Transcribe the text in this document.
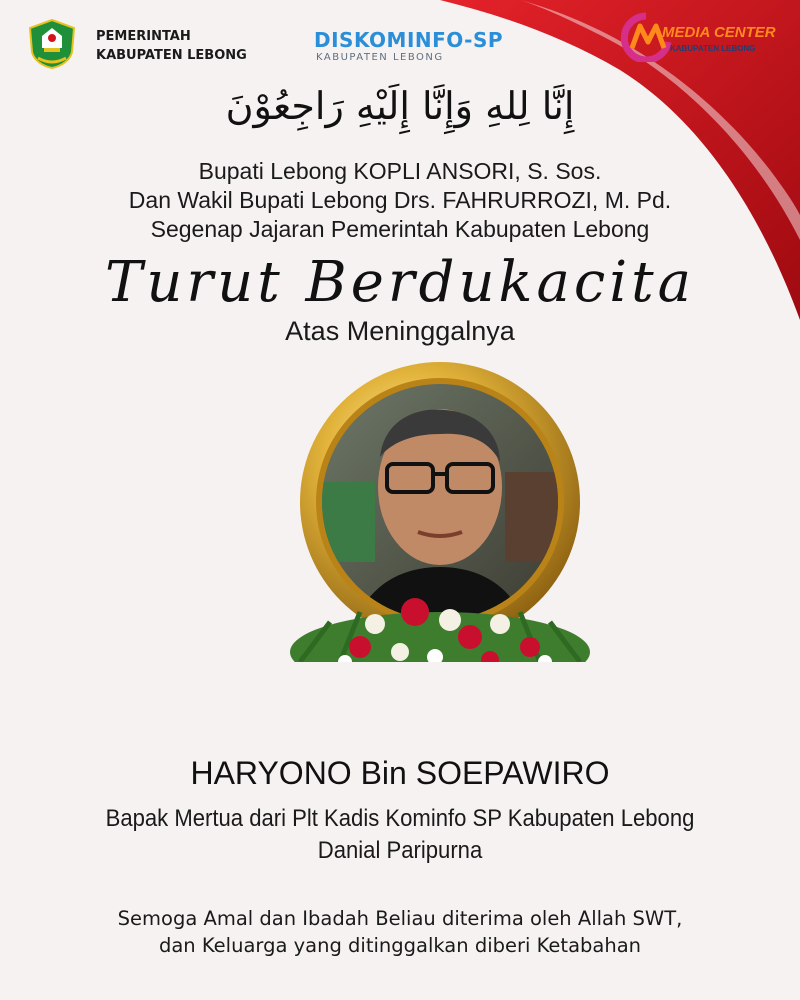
PEMERINTAH
KABUPATEN LEBONG
DISKOMINFO-SP
KABUPATEN LEBONG
MEDIA CENTER
KABUPATEN LEBONG
إِنَّا لِلهِ وَإِنَّا إِلَيْهِ رَاجِعُوْنَ
Bupati Lebong KOPLI ANSORI, S. Sos.
Dan Wakil Bupati Lebong Drs. FAHRURROZI, M. Pd.
Segenap Jajaran Pemerintah Kabupaten Lebong
Turut Berdukacita
Atas Meninggalnya
HARYONO Bin SOEPAWIRO
Bapak Mertua dari Plt Kadis Kominfo SP Kabupaten Lebong
Danial Paripurna
Semoga Amal dan Ibadah Beliau diterima oleh Allah SWT,
dan Keluarga yang ditinggalkan diberi Ketabahan
